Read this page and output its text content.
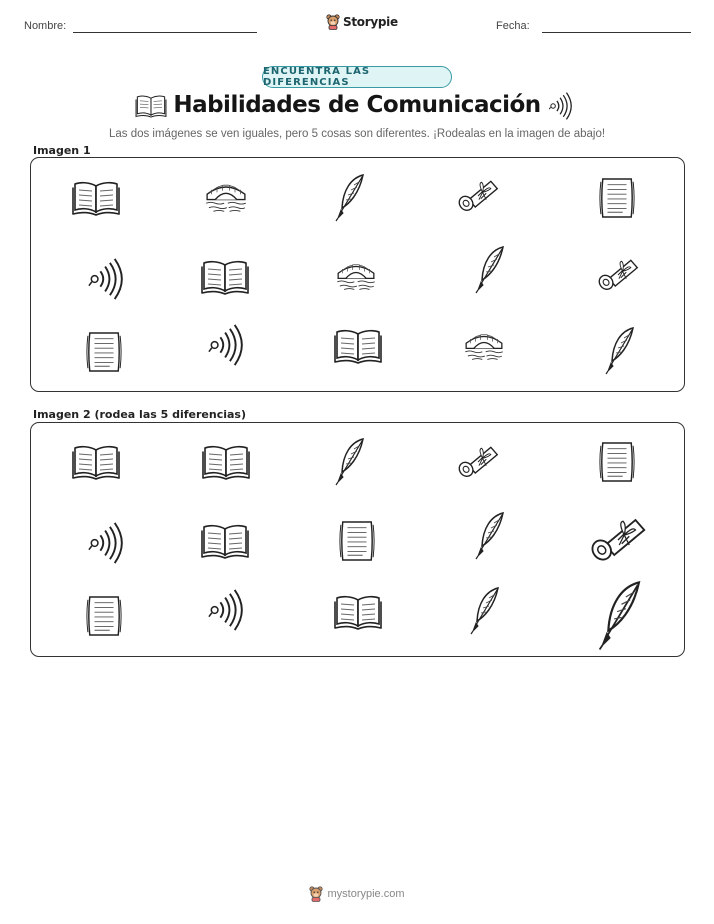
Nombre:	Storypie	Fecha:
ENCUENTRA LAS DIFERENCIAS
Habilidades de Comunicación
Las dos imágenes se ven iguales, pero 5 cosas son diferentes. ¡Rodealas en la imagen de abajo!
Imagen 1
Imagen 2 (rodea las 5 diferencias)
mystorypie.com
